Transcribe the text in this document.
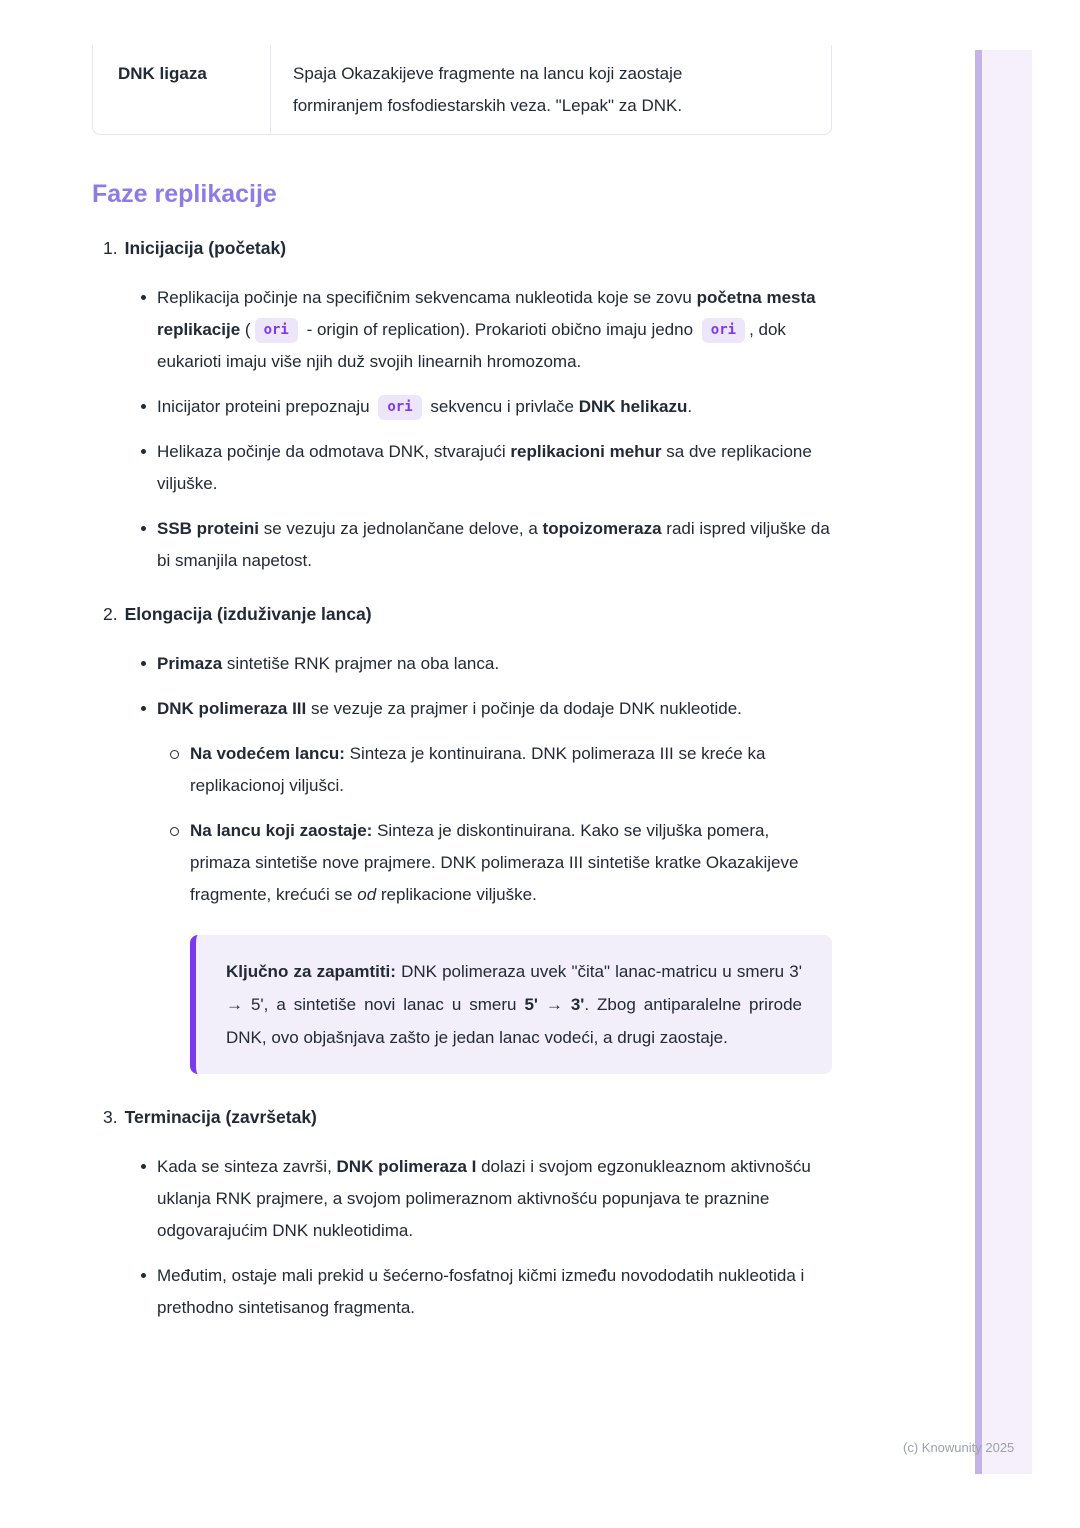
(c) Knowunity 2025
DNK ligaza	Spaja Okazakijeve fragmente na lancu koji zaostaje formiranjem fosfodiestarskih veza. "Lepak" za DNK.
Faze replikacije
1. Inicijacija (početak)
Replikacija počinje na specifičnim sekvencama nukleotida koje se zovu početna mesta replikacije ( ori - origin of replication). Prokarioti obično imaju jedno ori , dok eukarioti imaju više njih duž svojih linearnih hromozoma.
Inicijator proteini prepoznaju ori sekvencu i privlače DNK helikazu.
Helikaza počinje da odmotava DNK, stvarajući replikacioni mehur sa dve replikacione viljuške.
SSB proteini se vezuju za jednolančane delove, a topoizomeraza radi ispred viljuške da bi smanjila napetost.
2. Elongacija (izduživanje lanca)
Primaza sintetiše RNK prajmer na oba lanca.
DNK polimeraza III se vezuje za prajmer i počinje da dodaje DNK nukleotide.
Na vodećem lancu: Sinteza je kontinuirana. DNK polimeraza III se kreće ka replikacionoj viljušci.
Na lancu koji zaostaje: Sinteza je diskontinuirana. Kako se viljuška pomera, primaza sintetiše nove prajmere. DNK polimeraza III sintetiše kratke Okazakijeve fragmente, krećući se od replikacione viljuške.
Ključno za zapamtiti: DNK polimeraza uvek "čita" lanac-matricu u smeru 3' → 5', a sintetiše novi lanac u smeru 5' → 3'. Zbog antiparalelne prirode DNK, ovo objašnjava zašto je jedan lanac vodeći, a drugi zaostaje.
3. Terminacija (završetak)
Kada se sinteza završi, DNK polimeraza I dolazi i svojom egzonukleaznom aktivnošću uklanja RNK prajmere, a svojom polimeraznom aktivnošću popunjava te praznine odgovarajućim DNK nukleotidima.
Međutim, ostaje mali prekid u šećerno-fosfatnoj kičmi između novododatih nukleotida i prethodno sintetisanog fragmenta.
